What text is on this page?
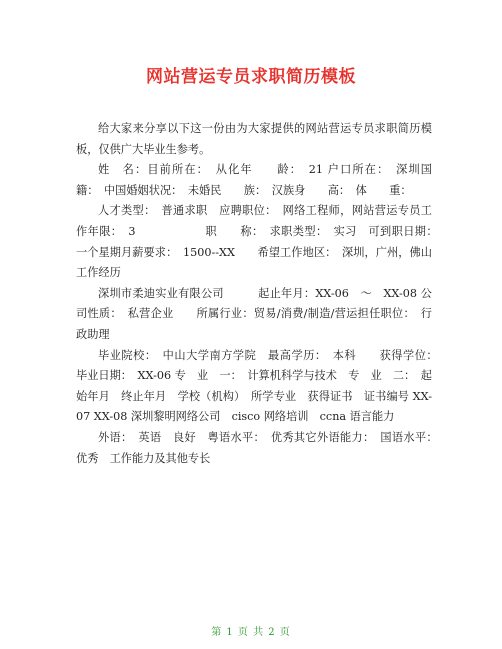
网站营运专员求职简历模板

给大家来分享以下这一份由为大家提供的网站营运专员求职简历模板，仅供广大毕业生参考。

姓　名：目前所在：　从化年　　龄：　21 户口所在：　深圳国　　籍：　中国婚姻状况：　未婚民　　族：　汉族身　　高：　体　　重：

人才类型：　普通求职　应聘职位：　网络工程师，网站营运专员工作年限：　3　　　　　　职　　称：　求职类型：　实习　可到职日期：　一个星期月薪要求：　1500--XX　　希望工作地区：　深圳，广州，佛山工作经历

深圳市柔迪实业有限公司　　　起止年月：XX-06　～　XX-08 公司性质：　私营企业　　所属行业：贸易/消费/制造/营运担任职位：　行政助理

毕业院校：　中山大学南方学院　最高学历：　本科　　获得学位：　毕业日期：　XX-06 专　业　一：　计算机科学与技术　专　业　二：　起始年月　终止年月　学校（机构）　所学专业　获得证书　证书编号 XX-07 XX-08 深圳黎明网络公司　cisco 网络培训　ccna 语言能力

外语：　英语　良好　粤语水平：　优秀其它外语能力：　国语水平：　优秀　工作能力及其他专长

第 1 页 共 2 页
